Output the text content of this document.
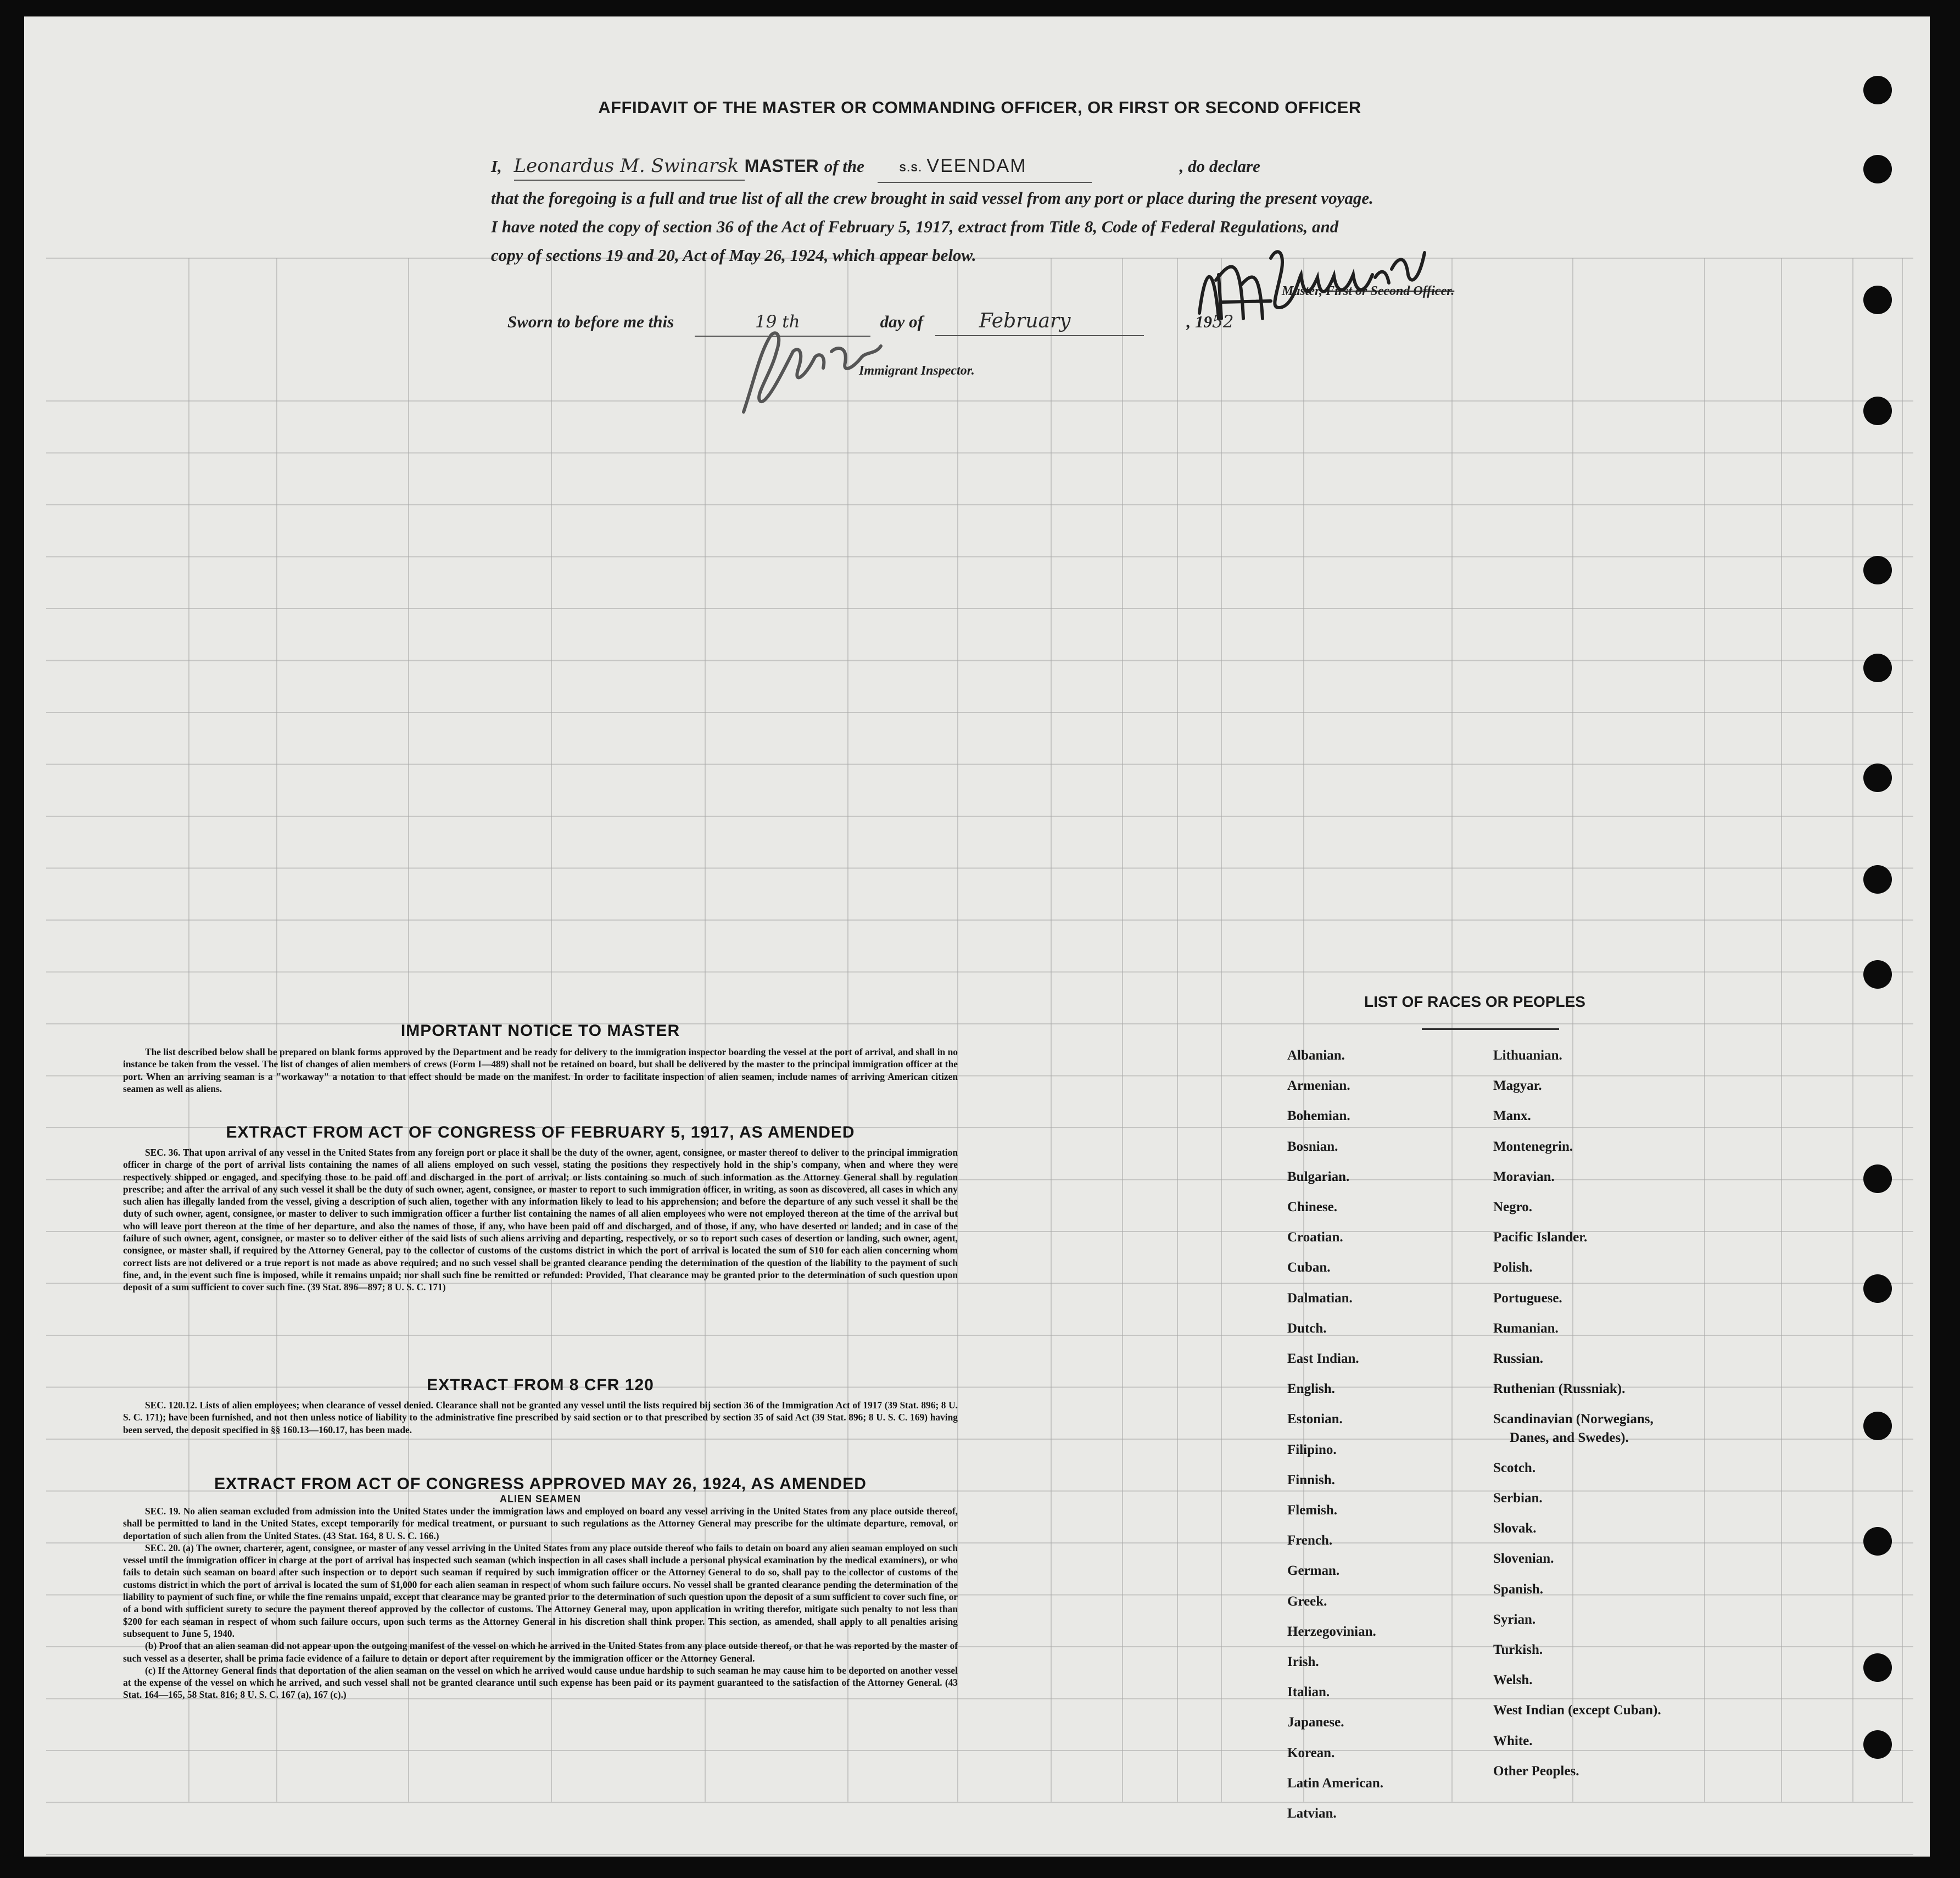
AFFIDAVIT OF THE MASTER OR COMMANDING OFFICER, OR FIRST OR SECOND OFFICER
I, Leonardus M. Swinarsk MASTER of the	S.S. VEENDAM	, do declare
that the foregoing is a full and true list of all the crew brought in said vessel from any port or place during the present voyage.
I have noted the copy of section 36 of the Act of February 5, 1917, extract from Title 8, Code of Federal Regulations, and
copy of sections 19 and 20, Act of May 26, 1924, which appear below.
Master, First or Second Officer.
Sworn to before me this	19 th	day of	February	, 1952
Immigrant Inspector.
IMPORTANT NOTICE TO MASTER

The list described below shall be prepared on blank forms approved by the Department and be ready for delivery to the immigration inspector boarding the vessel at the port of arrival, and shall in no instance be taken from the vessel. The list of changes of alien members of crews (Form I—489) shall not be retained on board, but shall be delivered by the master to the principal immigration officer at the port. When an arriving seaman is a "workaway" a notation to that effect should be made on the manifest. In order to facilitate inspection of alien seamen, include names of arriving American citizen seamen as well as aliens.

EXTRACT FROM ACT OF CONGRESS OF FEBRUARY 5, 1917, AS AMENDED

SEC. 36. That upon arrival of any vessel in the United States from any foreign port or place it shall be the duty of the owner, agent, consignee, or master thereof to deliver to the principal immigration officer in charge of the port of arrival lists containing the names of all aliens employed on such vessel, stating the positions they respectively hold in the ship's company, when and where they were respectively shipped or engaged, and specifying those to be paid off and discharged in the port of arrival; or lists containing so much of such information as the Attorney General shall by regulation prescribe; and after the arrival of any such vessel it shall be the duty of such owner, agent, consignee, or master to report to such immigration officer, in writing, as soon as discovered, all cases in which any such alien has illegally landed from the vessel, giving a description of such alien, together with any information likely to lead to his apprehension; and before the departure of any such vessel it shall be the duty of such owner, agent, consignee, or master to deliver to such immigration officer a further list containing the names of all alien employees who were not employed thereon at the time of the arrival but who will leave port thereon at the time of her departure, and also the names of those, if any, who have been paid off and discharged, and of those, if any, who have deserted or landed; and in case of the failure of such owner, agent, consignee, or master so to deliver either of the said lists of such aliens arriving and departing, respectively, or so to report such cases of desertion or landing, such owner, agent, consignee, or master shall, if required by the Attorney General, pay to the collector of customs of the customs district in which the port of arrival is located the sum of $10 for each alien concerning whom correct lists are not delivered or a true report is not made as above required; and no such vessel shall be granted clearance pending the determination of the question of the liability to the payment of such fine, and, in the event such fine is imposed, while it remains unpaid; nor shall such fine be remitted or refunded: Provided, That clearance may be granted prior to the determination of such question upon deposit of a sum sufficient to cover such fine. (39 Stat. 896—897; 8 U. S. C. 171)

EXTRACT FROM 8 CFR 120

SEC. 120.12. Lists of alien employees; when clearance of vessel denied. Clearance shall not be granted any vessel until the lists required bij section 36 of the Immigration Act of 1917 (39 Stat. 896; 8 U. S. C. 171); have been furnished, and not then unless notice of liability to the administrative fine prescribed by said section or to that prescribed by section 35 of said Act (39 Stat. 896; 8 U. S. C. 169) having been served, the deposit specified in §§ 160.13—160.17, has been made.

EXTRACT FROM ACT OF CONGRESS APPROVED MAY 26, 1924, AS AMENDED
ALIEN SEAMEN

SEC. 19. No alien seaman excluded from admission into the United States under the immigration laws and employed on board any vessel arriving in the United States from any place outside thereof, shall be permitted to land in the United States, except temporarily for medical treatment, or pursuant to such regulations as the Attorney General may prescribe for the ultimate departure, removal, or deportation of such alien from the United States. (43 Stat. 164, 8 U. S. C. 166.)

SEC. 20. (a) The owner, charterer, agent, consignee, or master of any vessel arriving in the United States from any place outside thereof who fails to detain on board any alien seaman employed on such vessel until the immigration officer in charge at the port of arrival has inspected such seaman (which inspection in all cases shall include a personal physical examination by the medical examiners), or who fails to detain such seaman on board after such inspection or to deport such seaman if required by such immigration officer or the Attorney General to do so, shall pay to the collector of customs of the customs district in which the port of arrival is located the sum of $1,000 for each alien seaman in respect of whom such failure occurs. No vessel shall be granted clearance pending the determination of the liability to payment of such fine, or while the fine remains unpaid, except that clearance may be granted prior to the determination of such question upon the deposit of a sum sufficient to cover such fine, or of a bond with sufficient surety to secure the payment thereof approved by the collector of customs. The Attorney General may, upon application in writing therefor, mitigate such penalty to not less than $200 for each seaman in respect of whom such failure occurs, upon such terms as the Attorney General in his discretion shall think proper. This section, as amended, shall apply to all penalties arising subsequent to June 5, 1940.

(b) Proof that an alien seaman did not appear upon the outgoing manifest of the vessel on which he arrived in the United States from any place outside thereof, or that he was reported by the master of such vessel as a deserter, shall be prima facie evidence of a failure to detain or deport after requirement by the immigration officer or the Attorney General.

(c) If the Attorney General finds that deportation of the alien seaman on the vessel on which he arrived would cause undue hardship to such seaman he may cause him to be deported on another vessel at the expense of the vessel on which he arrived, and such vessel shall not be granted clearance until such expense has been paid or its payment guaranteed to the satisfaction of the Attorney General. (43 Stat. 164—165, 58 Stat. 816; 8 U. S. C. 167 (a), 167 (c).)

LIST OF RACES OR PEOPLES
Albanian.
Armenian.
Bohemian.
Bosnian.
Bulgarian.
Chinese.
Croatian.
Cuban.
Dalmatian.
Dutch.
East Indian.
English.
Estonian.
Filipino.
Finnish.
Flemish.
French.
German.
Greek.
Herzegovinian.
Irish.
Italian.
Japanese.
Korean.
Latin American.
Latvian.
Lithuanian.
Magyar.
Manx.
Montenegrin.
Moravian.
Negro.
Pacific Islander.
Polish.
Portuguese.
Rumanian.
Russian.
Ruthenian (Russniak).
Scandinavian (Norwegians,
Danes, and Swedes).
Scotch.
Serbian.
Slovak.
Slovenian.
Spanish.
Syrian.
Turkish.
Welsh.
West Indian (except Cuban).
White.
Other Peoples.
